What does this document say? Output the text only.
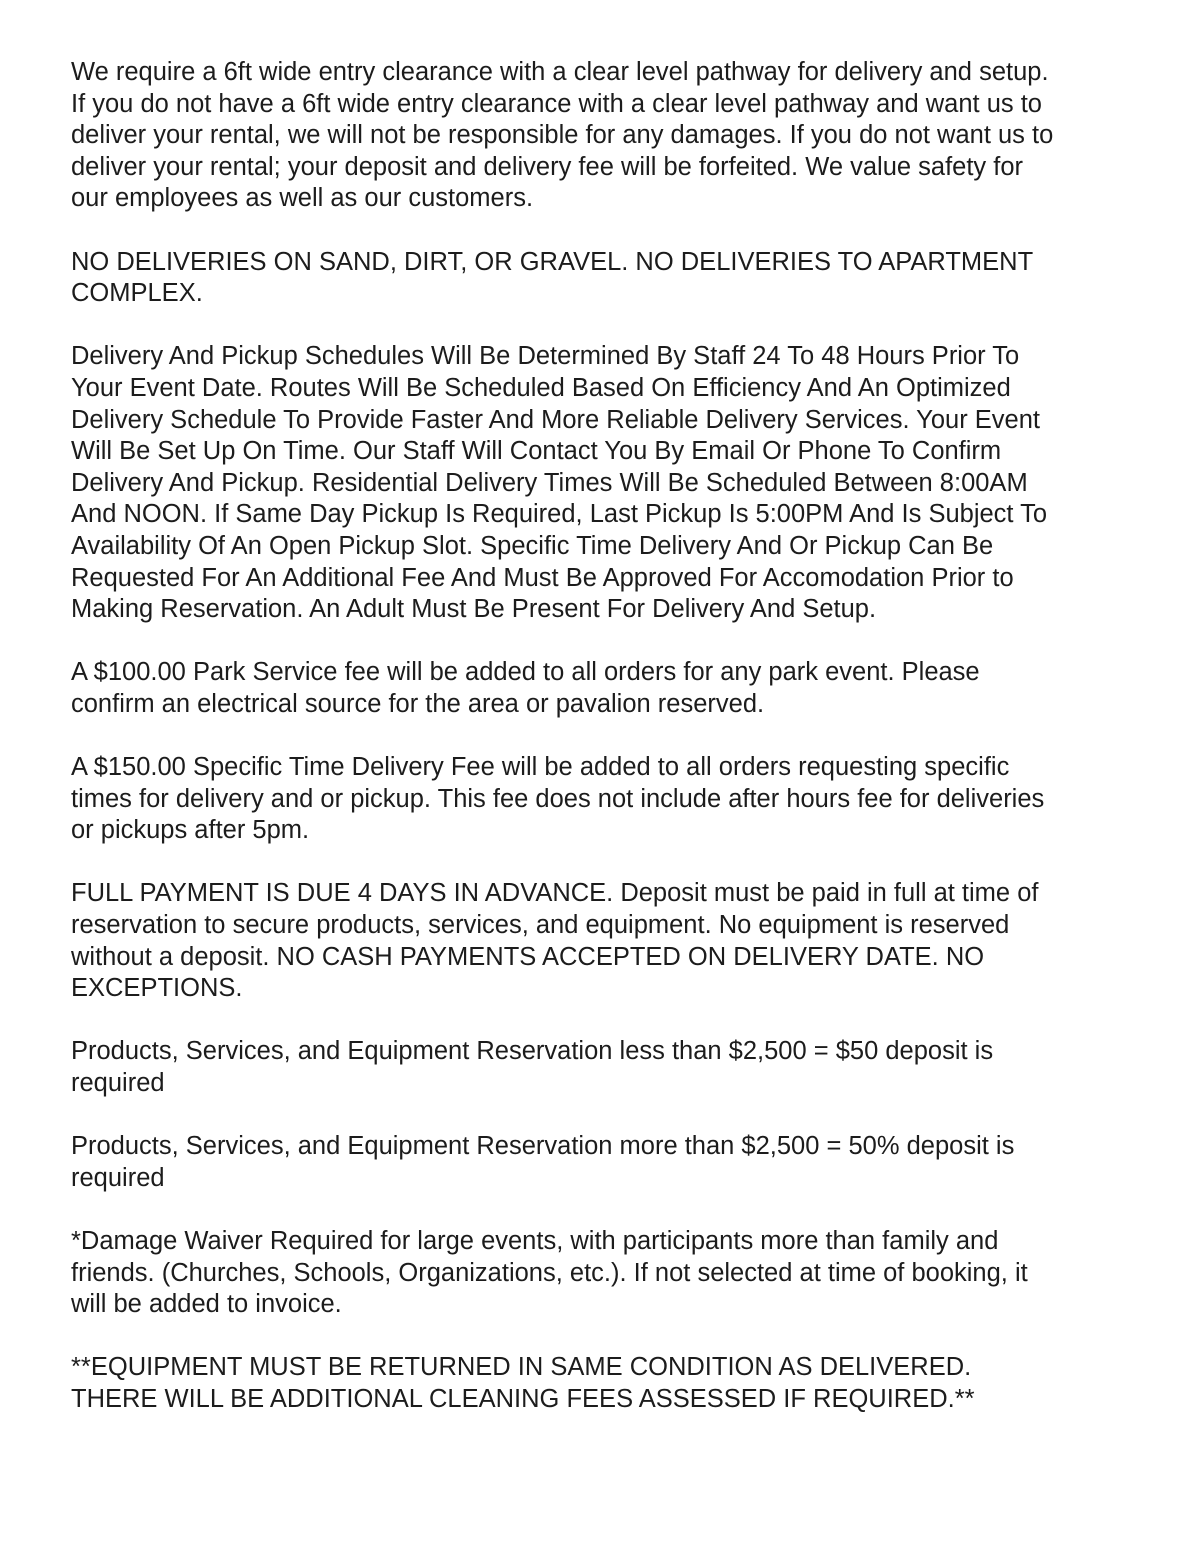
We require a 6ft wide entry clearance with a clear level pathway for delivery and setup.
If you do not have a 6ft wide entry clearance with a clear level pathway and want us to
deliver your rental, we will not be responsible for any damages. If you do not want us to
deliver your rental; your deposit and delivery fee will be forfeited. We value safety for
our employees as well as our customers.

NO DELIVERIES ON SAND, DIRT, OR GRAVEL. NO DELIVERIES TO APARTMENT
COMPLEX.

Delivery And Pickup Schedules Will Be Determined By Staff 24 To 48 Hours Prior To
Your Event Date. Routes Will Be Scheduled Based On Efficiency And An Optimized
Delivery Schedule To Provide Faster And More Reliable Delivery Services. Your Event
Will Be Set Up On Time. Our Staff Will Contact You By Email Or Phone To Confirm
Delivery And Pickup. Residential Delivery Times Will Be Scheduled Between 8:00AM
And NOON. If Same Day Pickup Is Required, Last Pickup Is 5:00PM And Is Subject To
Availability Of An Open Pickup Slot. Specific Time Delivery And Or Pickup Can Be
Requested For An Additional Fee And Must Be Approved For Accomodation Prior to
Making Reservation. An Adult Must Be Present For Delivery And Setup.

A $100.00 Park Service fee will be added to all orders for any park event. Please
confirm an electrical source for the area or pavalion reserved.

A $150.00 Specific Time Delivery Fee will be added to all orders requesting specific
times for delivery and or pickup. This fee does not include after hours fee for deliveries
or pickups after 5pm.

FULL PAYMENT IS DUE 4 DAYS IN ADVANCE. Deposit must be paid in full at time of
reservation to secure products, services, and equipment. No equipment is reserved
without a deposit. NO CASH PAYMENTS ACCEPTED ON DELIVERY DATE. NO
EXCEPTIONS.

Products, Services, and Equipment Reservation less than $2,500 = $50 deposit is
required

Products, Services, and Equipment Reservation more than $2,500 = 50% deposit is
required

*Damage Waiver Required for large events, with participants more than family and
friends. (Churches, Schools, Organizations, etc.). If not selected at time of booking, it
will be added to invoice.

**EQUIPMENT MUST BE RETURNED IN SAME CONDITION AS DELIVERED.
THERE WILL BE ADDITIONAL CLEANING FEES ASSESSED IF REQUIRED.**
